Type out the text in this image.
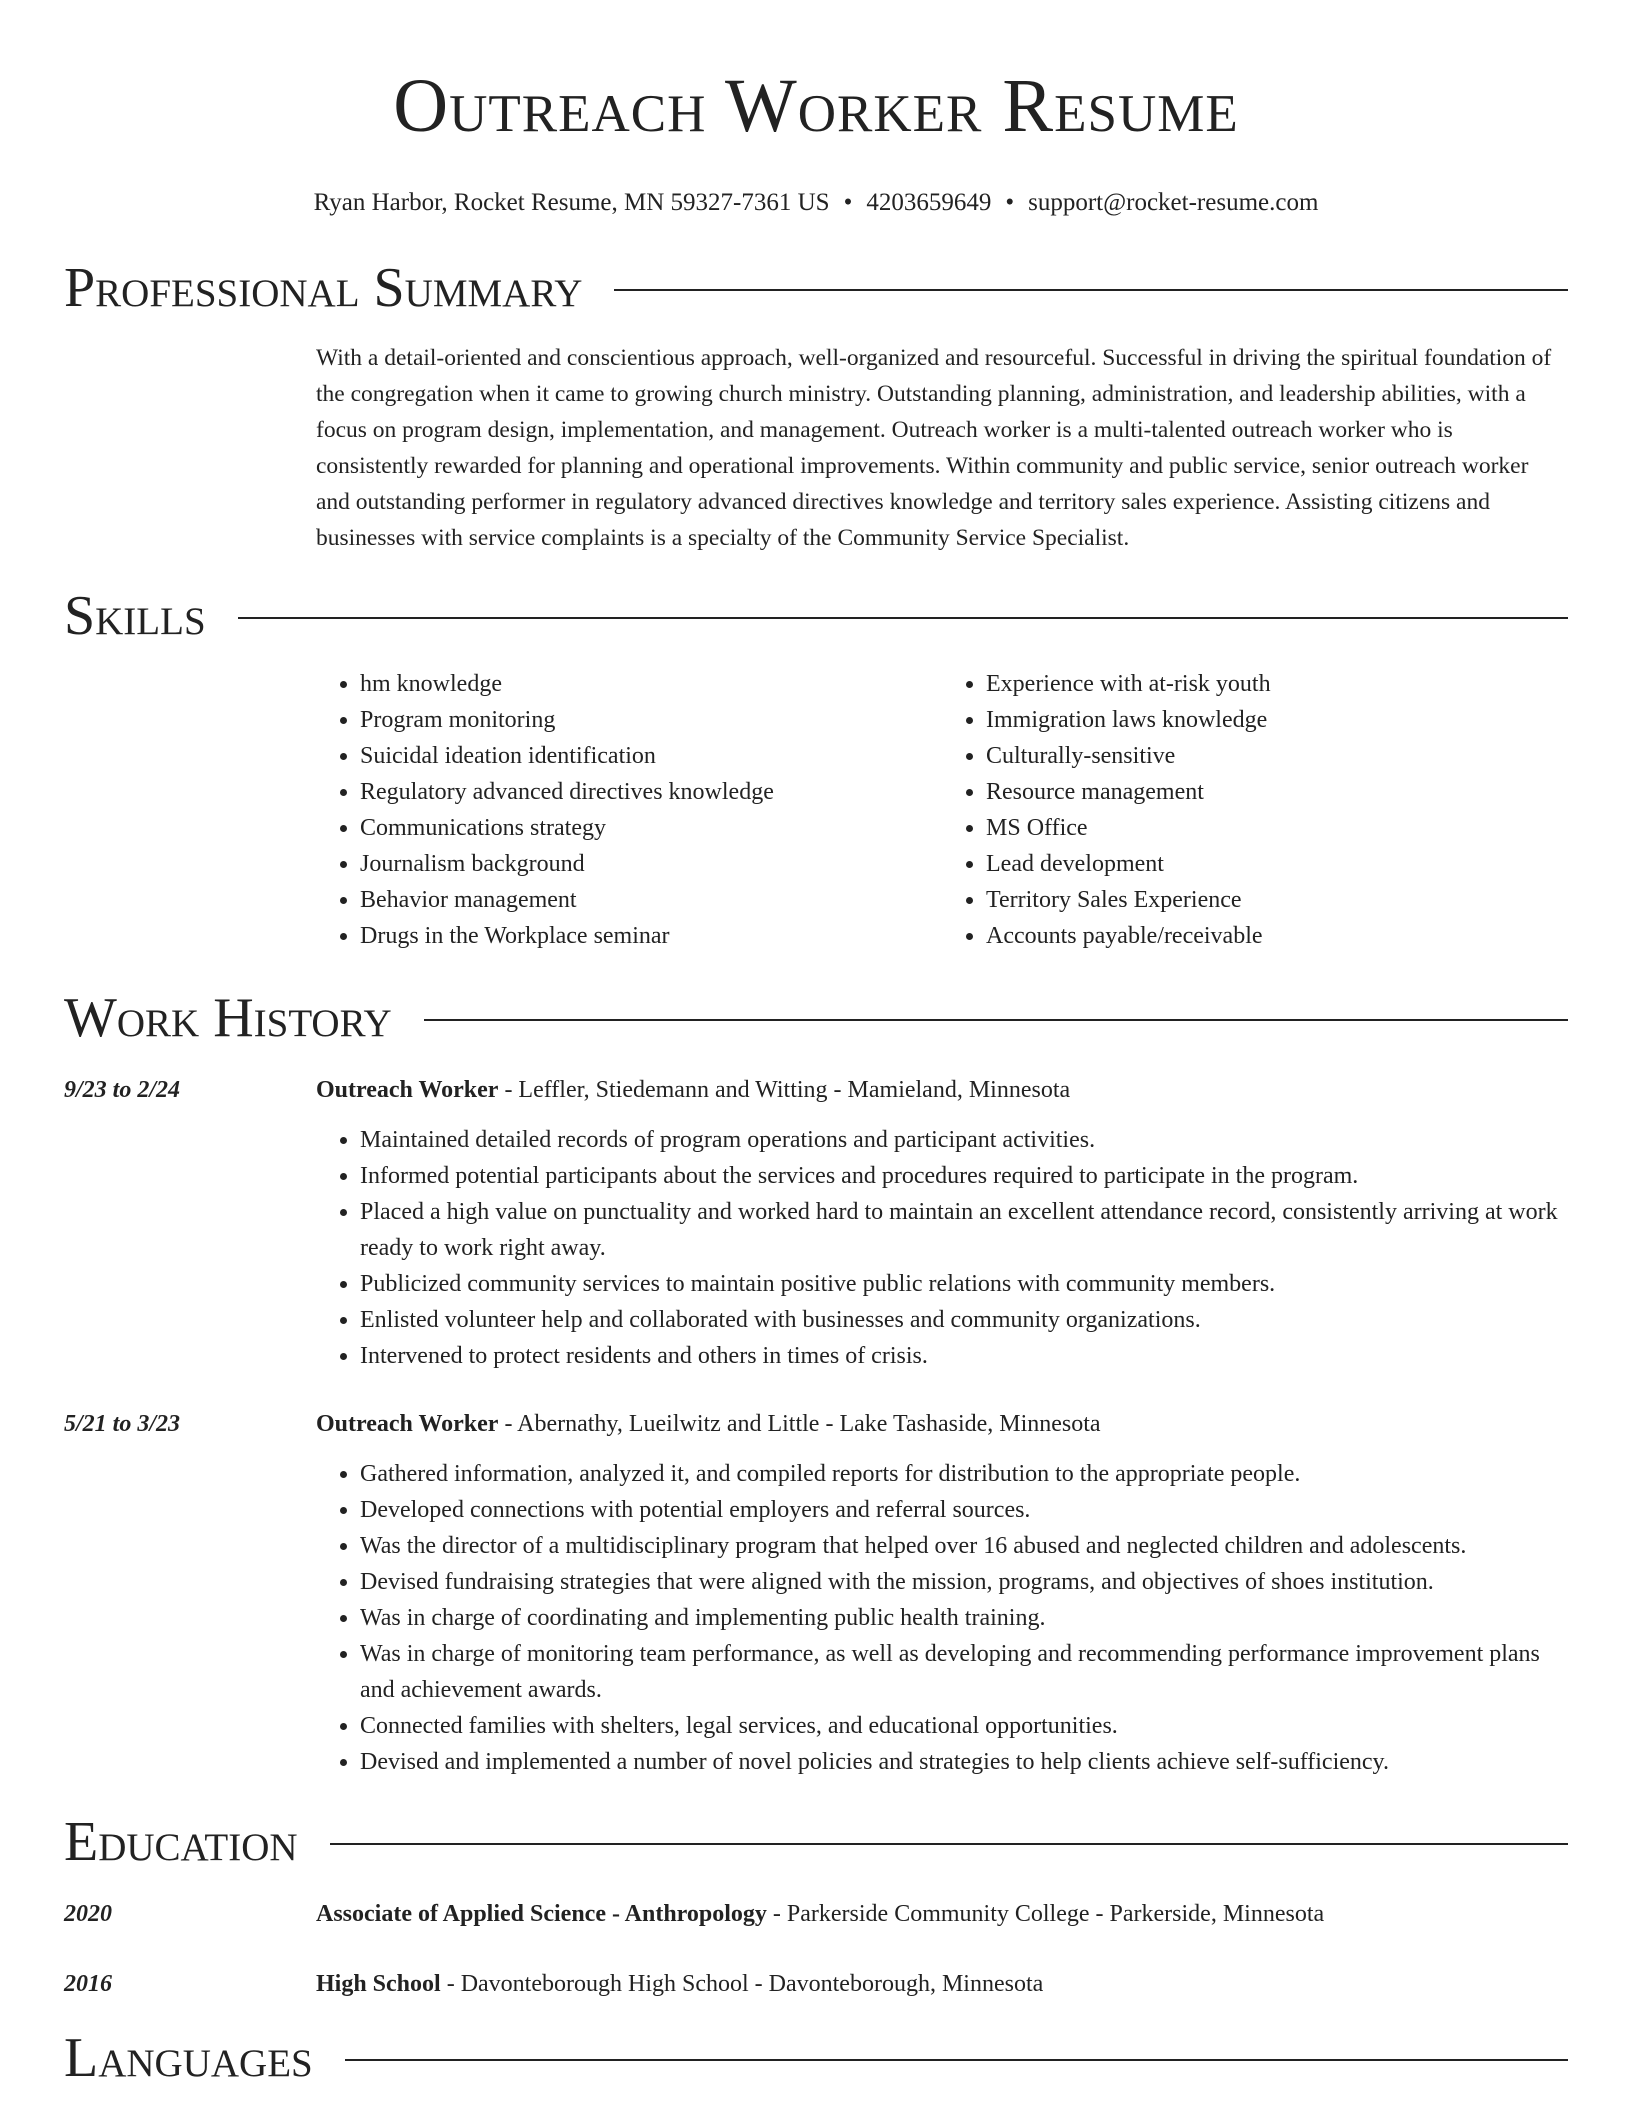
Outreach Worker Resume
Ryan Harbor, Rocket Resume, MN 59327-7361 US • 4203659649 • support@rocket-resume.com
Professional Summary
With a detail-oriented and conscientious approach, well-organized and resourceful. Successful in driving the spiritual foundation of the congregation when it came to growing church ministry. Outstanding planning, administration, and leadership abilities, with a focus on program design, implementation, and management. Outreach worker is a multi-talented outreach worker who is consistently rewarded for planning and operational improvements. Within community and public service, senior outreach worker and outstanding performer in regulatory advanced directives knowledge and territory sales experience. Assisting citizens and businesses with service complaints is a specialty of the Community Service Specialist.
Skills
• hm knowledge
• Program monitoring
• Suicidal ideation identification
• Regulatory advanced directives knowledge
• Communications strategy
• Journalism background
• Behavior management
• Drugs in the Workplace seminar
• Experience with at-risk youth
• Immigration laws knowledge
• Culturally-sensitive
• Resource management
• MS Office
• Lead development
• Territory Sales Experience
• Accounts payable/receivable
Work History
9/23 to 2/24	Outreach Worker - Leffler, Stiedemann and Witting - Mamieland, Minnesota
• Maintained detailed records of program operations and participant activities.
• Informed potential participants about the services and procedures required to participate in the program.
• Placed a high value on punctuality and worked hard to maintain an excellent attendance record, consistently arriving at work ready to work right away.
• Publicized community services to maintain positive public relations with community members.
• Enlisted volunteer help and collaborated with businesses and community organizations.
• Intervened to protect residents and others in times of crisis.
5/21 to 3/23	Outreach Worker - Abernathy, Lueilwitz and Little - Lake Tashaside, Minnesota
• Gathered information, analyzed it, and compiled reports for distribution to the appropriate people.
• Developed connections with potential employers and referral sources.
• Was the director of a multidisciplinary program that helped over 16 abused and neglected children and adolescents.
• Devised fundraising strategies that were aligned with the mission, programs, and objectives of shoes institution.
• Was in charge of coordinating and implementing public health training.
• Was in charge of monitoring team performance, as well as developing and recommending performance improvement plans and achievement awards.
• Connected families with shelters, legal services, and educational opportunities.
• Devised and implemented a number of novel policies and strategies to help clients achieve self-sufficiency.
Education
2020	Associate of Applied Science - Anthropology - Parkerside Community College - Parkerside, Minnesota
2016	High School - Davonteborough High School - Davonteborough, Minnesota
Languages
